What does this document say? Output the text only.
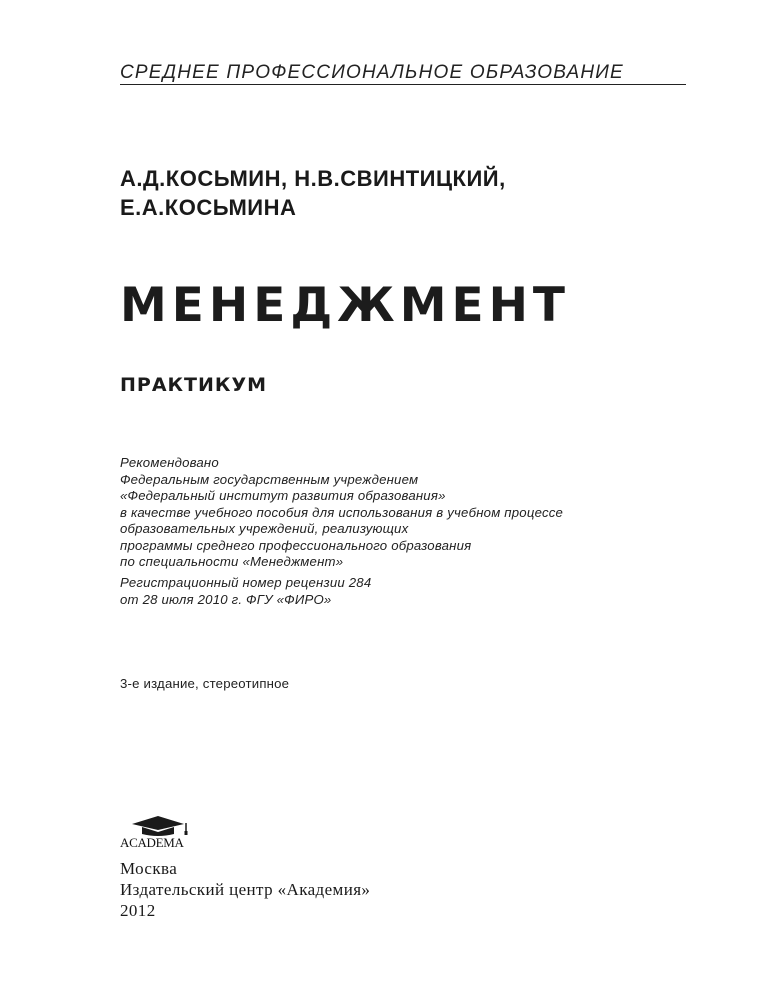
СРЕДНЕЕ ПРОФЕССИОНАЛЬНОЕ ОБРАЗОВАНИЕ
А.Д.КОСЬМИН, Н.В.СВИНТИЦКИЙ,
Е.А.КОСЬМИНА
МЕНЕДЖМЕНТ
ПРАКТИКУМ
Рекомендовано
Федеральным государственным учреждением
«Федеральный институт развития образования»
в качестве учебного пособия для использования в учебном процессе
образовательных учреждений, реализующих
программы среднего профессионального образования
по специальности «Менеджмент»
Регистрационный номер рецензии 284
от 28 июля 2010 г. ФГУ «ФИРО»
3-е издание, стереотипное
ACADEMA
Москва
Издательский центр «Академия»
2012
